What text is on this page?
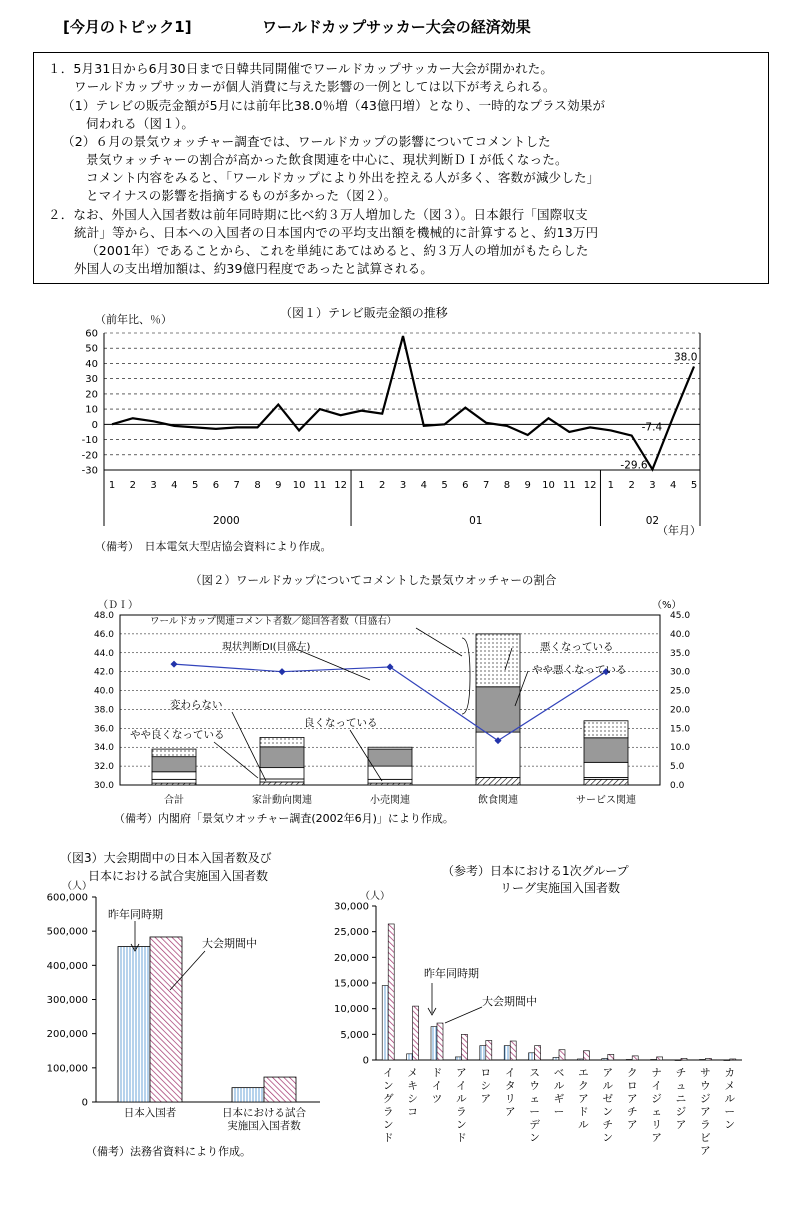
[今月のトピック1]	ワールドカップサッカー大会の経済効果
１．5月31日から6月30日まで日韓共同開催でワールドカップサッカー大会が開かれた。
ワールドカップサッカーが個人消費に与えた影響の一例としては以下が考えられる。
（1）テレビの販売金額が5月には前年比38.0％増（43億円増）となり、一時的なプラス効果が
伺われる（図１）。
（2）６月の景気ウォッチャー調査では、ワールドカップの影響についてコメントした
景気ウォッチャーの割合が高かった飲食関連を中心に、現状判断ＤＩが低くなった。
コメント内容をみると、「ワールドカップにより外出を控える人が多く、客数が減少した」
とマイナスの影響を指摘するものが多かった（図２）。
２．なお、外国人入国者数は前年同時期に比べ約３万人増加した（図３）。日本銀行「国際収支
統計」等から、日本への入国者の日本国内での平均支出額を機械的に計算すると、約13万円
（2001年）であることから、これを単純にあてはめると、約３万人の増加がもたらした
外国人の支出増加額は、約39億円程度であったと試算される。
（図１）テレビ販売金額の推移
（前年比、％）
60
50
40
30
20
10
0
-10
-20
-30
1 2 3 4 5 6 7 8 9 10 11 12 1 2 3 4 5 6 7 8 9 10 11 12 1 2 3 4 5
2000	01	02
38.0
-7.4
-29.6
（年月）
（備考）　日本電気大型店協会資料により作成。
（図２）ワールドカップについてコメントした景気ウオッチャーの割合
（ＤＩ）	（%）
48.0
46.0
44.0
42.0
40.0
38.0
36.0
34.0
32.0
30.0
45.0
40.0
35.0
30.0
25.0
20.0
15.0
10.0
5.0
0.0
合計	家計動向関連	小売関連	飲食関連	サービス関連
ワールドカップ関連コメント者数／総回答者数（目盛右）
現状判断DI(目盛左)	悪くなっている
やや悪くなっている
変わらない
良くなっている
やや良くなっている
（備考）内閣府「景気ウオッチャー調査(2002年6月)」により作成。
（図3）大会期間中の日本入国者数及び
日本における試合実施国入国者数
（人）
600,000
500,000
400,000
300,000
200,000
100,000
0
日本入国者	日本における試合
実施国入国者数
昨年同時期
大会期間中
（備考）法務省資料により作成。
（参考）日本における1次グループ
リーグ実施国入国者数
（人）
30,000
25,000
20,000
15,000
10,000
5,000
0
イングランド
メキシコ
ドイツ
アイルランド
ロシア
イタリア
スウェーデン
ベルギー
エクアドル
アルゼンチン
クロアチア
ナイジェリア
チュニジア
サウジアラビア
カメルーン
昨年同時期
大会期間中
